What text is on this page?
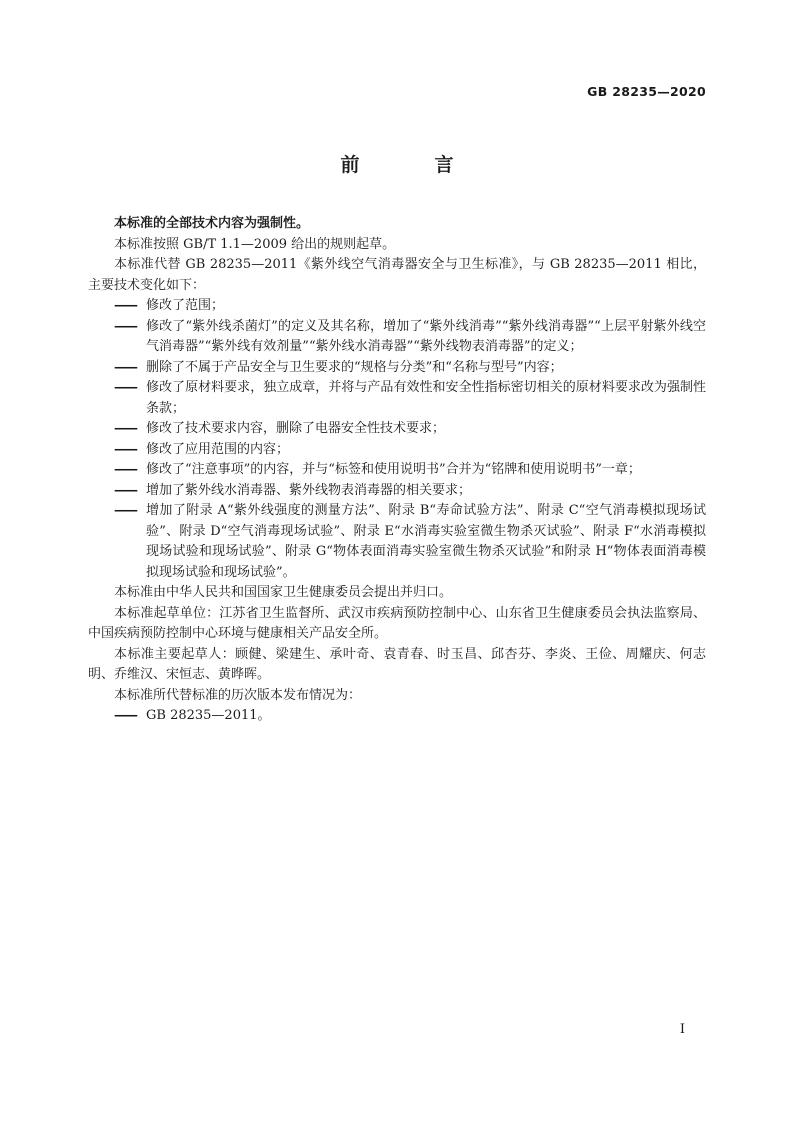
GB 28235—2020
前　言

本标准的全部技术内容为强制性。

本标准按照 GB/T 1.1—2009 给出的规则起草。

本标准代替 GB 28235—2011《紫外线空气消毒器安全与卫生标准》，与 GB 28235—2011 相比，主要技术变化如下：

—— 修改了范围；

—— 修改了“紫外线杀菌灯”的定义及其名称，增加了“紫外线消毒”“紫外线消毒器”“上层平射紫外线空气消毒器”“紫外线有效剂量”“紫外线水消毒器”“紫外线物表消毒器”的定义；

—— 删除了不属于产品安全与卫生要求的“规格与分类”和“名称与型号”内容；

—— 修改了原材料要求，独立成章，并将与产品有效性和安全性指标密切相关的原材料要求改为强制性条款；

—— 修改了技术要求内容，删除了电器安全性技术要求；

—— 修改了应用范围的内容；

—— 修改了“注意事项”的内容，并与“标签和使用说明书”合并为“铭牌和使用说明书”一章；

—— 增加了紫外线水消毒器、紫外线物表消毒器的相关要求；

—— 增加了附录 A“紫外线强度的测量方法”、附录 B“寿命试验方法”、附录 C“空气消毒模拟现场试验”、附录 D“空气消毒现场试验”、附录 E“水消毒实验室微生物杀灭试验”、附录 F“水消毒模拟现场试验和现场试验”、附录 G“物体表面消毒实验室微生物杀灭试验”和附录 H“物体表面消毒模拟现场试验和现场试验”。

本标准由中华人民共和国国家卫生健康委员会提出并归口。

本标准起草单位：江苏省卫生监督所、武汉市疾病预防控制中心、山东省卫生健康委员会执法监察局、中国疾病预防控制中心环境与健康相关产品安全所。

本标准主要起草人：顾健、梁建生、承叶奇、袁青春、时玉昌、邱杏芬、李炎、王俭、周耀庆、何志明、乔维汉、宋恒志、黄晔晖。

本标准所代替标准的历次版本发布情况为：

—— GB 28235—2011。

I
